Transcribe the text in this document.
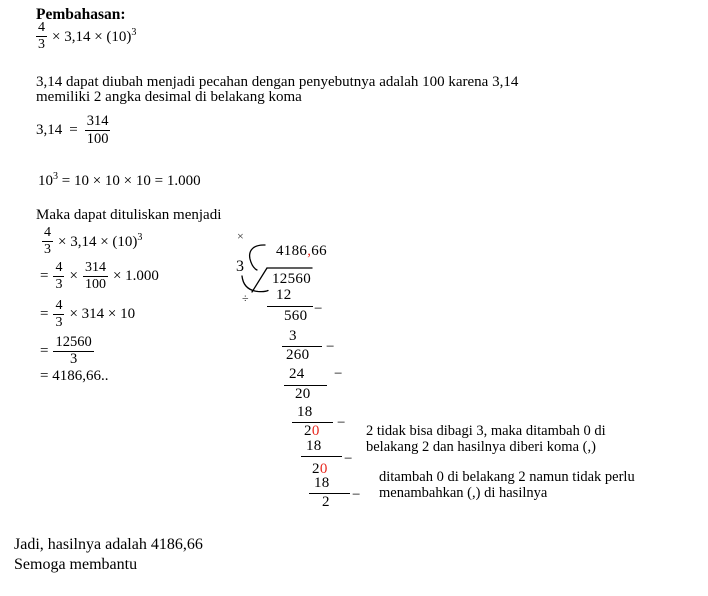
Pembahasan:
$\frac{4}{3} \times 3,14 \times (10)^3$
3,14 dapat diubah menjadi pecahan dengan penyebutnya adalah 100 karena 3,14
memiliki 2 angka desimal di belakang koma
$3,14 = \frac{314}{100}$
$10^3 = 10 \times 10 \times 10 = 1.000$
Maka dapat dituliskan menjadi
$\frac{4}{3} \times 3,14 \times (10)^3$
= $\frac{4}{3} \times \frac{314}{100} \times 1.000$
= $\frac{4}{3} \times 314 \times 10$
= $\frac{12560}{3}$
= 4186,66..
×
3
÷
4186,66
12560
12
−
560
3
−
260
24 −
20
18
−
20
18
−
20
18
−
2
2 tidak bisa dibagi 3, maka ditambah 0 di
belakang 2 dan hasilnya diberi koma (,)
ditambah 0 di belakang 2 namun tidak perlu
menambahkan (,) di hasilnya
Jadi, hasilnya adalah 4186,66
Semoga membantu
